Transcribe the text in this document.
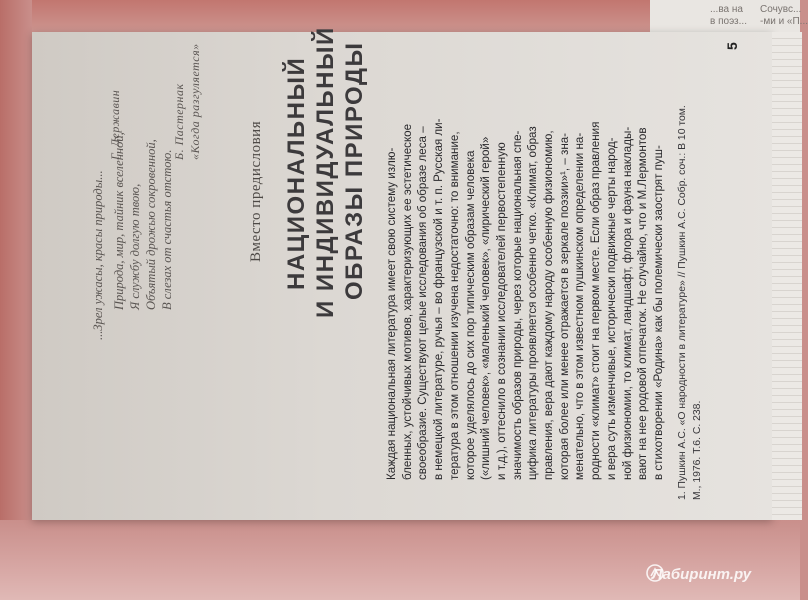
...ва на
в поэз...
Сочувс...
-ми и «П...
...Зрел ужасы, красы природы...
Г. Державин
Природа, мир, тайник вселенной, Я службу долгую твою, Объятый дрожью сокровенной, В слезах от счастья отстою.
Б. Пастернак «Когда разгуляется»
Вместо предисловия НАЦИОНАЛЬНЫЙ И ИНДИВИДУАЛЬНЫЙ ОБРАЗЫ ПРИРОДЫ Каждая национальная литература имеет свою систему излю- бленных, устойчивых мотивов, характеризующих ее эстетическое своеобразие. Существуют целые исследования об образе леса – в немецкой литературе, ручья – во французской и т. п. Русская ли- тература в этом отношении изучена недостаточно: то внимание, которое уделялось до сих пор типическим образам человека («лишний человек», «маленький человек», «лирический герой» и т.д.), оттеснило в сознании исследователей первостепенную значимость образов природы, через которые национальная спе- цифика литературы проявляется особенно четко. «Климат, образ правления, вера дают каждому народу особенную физиономию, которая более или менее отражается в зеркале поэзии»¹, – зна- менательно, что в этом известном пушкинском определении на- родности «климат» стоит на первом месте. Если образ правления и вера суть изменчивые, исторически подвижные черты народ- ной физиономии, то климат, ландшафт, флора и фауна наклады- вают на нее родовой отпечаток. Не случайно, что и М.Лермонтов в стихотворении «Родина» как бы полемически заострят пуш- 1. Пушкин А.С. «О народности в литературе» // Пушкин А.С. Собр. соч.: В 10 том. М., 1976. Т.6. С. 238.
5
Лабиринт.ру
